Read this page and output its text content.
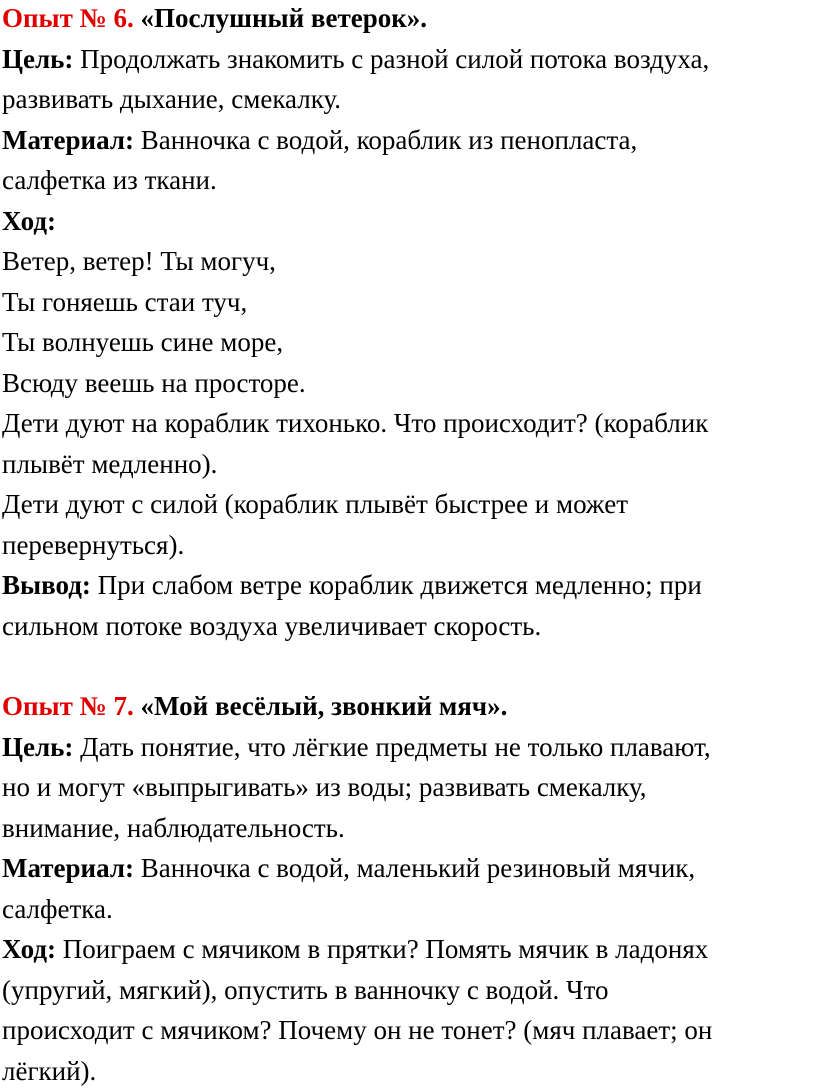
Опыт № 6. «Послушный ветерок».
Цель: Продолжать знакомить с разной силой потока воздуха,
развивать дыхание, смекалку.
Материал: Ванночка с водой, кораблик из пенопласта,
салфетка из ткани.
Ход:
Ветер, ветер! Ты могуч,
Ты гоняешь стаи туч,
Ты волнуешь сине море,
Всюду веешь на просторе.
Дети дуют на кораблик тихонько. Что происходит? (кораблик
плывёт медленно).
Дети дуют с силой (кораблик плывёт быстрее и может
перевернуться).
Вывод: При слабом ветре кораблик движется медленно; при
сильном потоке воздуха увеличивает скорость.
Опыт № 7. «Мой весёлый, звонкий мяч».
Цель: Дать понятие, что лёгкие предметы не только плавают,
но и могут «выпрыгивать» из воды; развивать смекалку,
внимание, наблюдательность.
Материал: Ванночка с водой, маленький резиновый мячик,
салфетка.
Ход: Поиграем с мячиком в прятки? Помять мячик в ладонях
(упругий, мягкий), опустить в ванночку с водой. Что
происходит с мячиком? Почему он не тонет? (мяч плавает; он
лёгкий).
